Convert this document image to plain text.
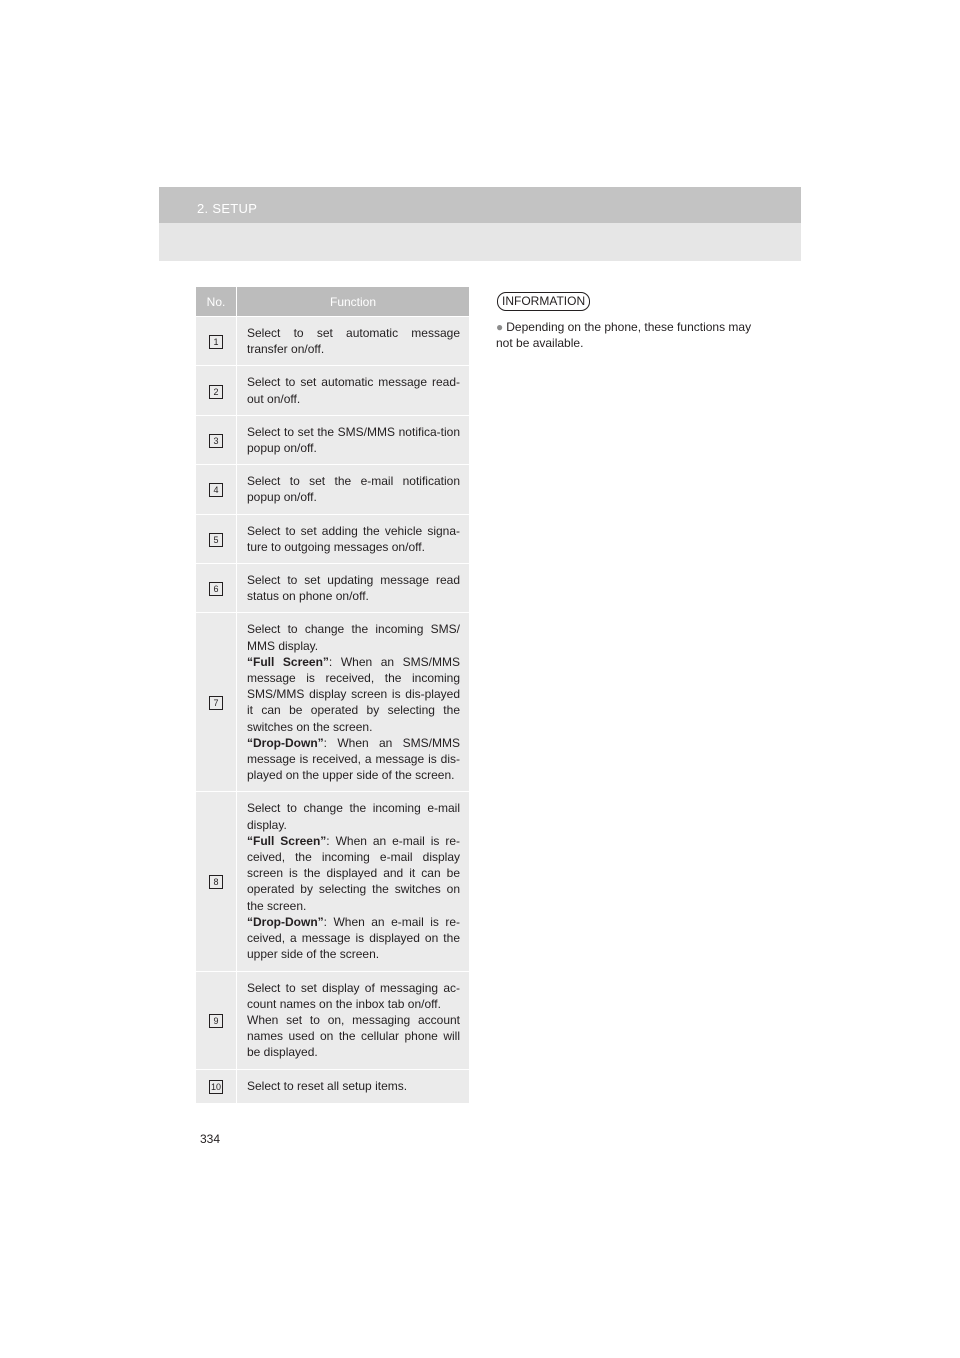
2. SETUP
No.	Function
1	Select to set automatic message transfer on/off.

2	Select to set automatic message read-out on/off.

3	Select to set the SMS/MMS notifica-tion popup on/off.

4	Select to set the e-mail notification popup on/off.

5	Select to set adding the vehicle signa-ture to outgoing messages on/off.

6	Select to set updating message read status on phone on/off.

7	Select to change the incoming SMS/ MMS display.

“Full Screen”: When an SMS/MMS message is received, the incoming SMS/MMS display screen is dis-played it can be operated by selecting the switches on the screen.

“Drop-Down”: When an SMS/MMS message is received, a message is dis-played on the upper side of the screen.

8	Select to change the incoming e-mail display.

“Full Screen”: When an e-mail is re-ceived, the incoming e-mail display screen is the displayed and it can be operated by selecting the switches on the screen.

“Drop-Down”: When an e-mail is re-ceived, a message is displayed on the upper side of the screen.

9	Select to set display of messaging ac-count names on the inbox tab on/off.

When set to on, messaging account names used on the cellular phone will be displayed.

10	Select to reset all setup items.

INFORMATION
● Depending on the phone, these functions may not be available.
334
